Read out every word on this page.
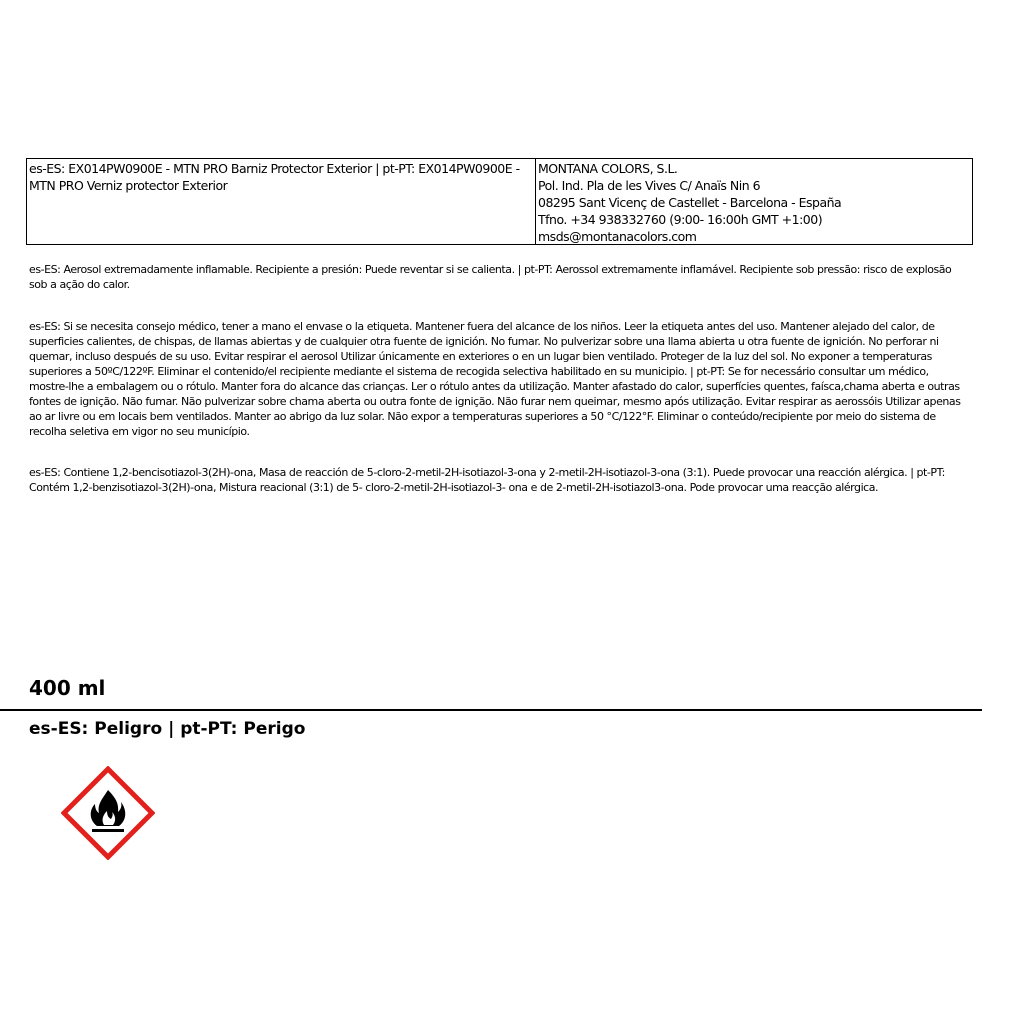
es-ES: EX014PW0900E - MTN PRO Barniz Protector Exterior | pt-PT: EX014PW0900E - MTN PRO Verniz protector Exterior
MONTANA COLORS, S.L.
Pol. Ind. Pla de les Vives C/ Anaïs Nin 6
08295 Sant Vicenç de Castellet - Barcelona - España
Tfno. +34 938332760 (9:00- 16:00h GMT +1:00)
msds@montanacolors.com
es-ES: Aerosol extremadamente inflamable. Recipiente a presión: Puede reventar si se calienta. | pt-PT: Aerossol extremamente inflamável. Recipiente sob pressão: risco de explosão sob a ação do calor.
es-ES: Si se necesita consejo médico, tener a mano el envase o la etiqueta. Mantener fuera del alcance de los niños. Leer la etiqueta antes del uso. Mantener alejado del calor, de superficies calientes, de chispas, de llamas abiertas y de cualquier otra fuente de ignición. No fumar. No pulverizar sobre una llama abierta u otra fuente de ignición. No perforar ni quemar, incluso después de su uso. Evitar respirar el aerosol Utilizar únicamente en exteriores o en un lugar bien ventilado. Proteger de la luz del sol. No exponer a temperaturas superiores a 50ºC/122ºF. Eliminar el contenido/el recipiente mediante el sistema de recogida selectiva habilitado en su municipio. | pt-PT: Se for necessário consultar um médico, mostre-lhe a embalagem ou o rótulo. Manter fora do alcance das crianças. Ler o rótulo antes da utilização. Manter afastado do calor, superfícies quentes, faísca,chama aberta e outras fontes de ignição. Não fumar. Não pulverizar sobre chama aberta ou outra fonte de ignição. Não furar nem queimar, mesmo após utilização. Evitar respirar as aerossóis Utilizar apenas ao ar livre ou em locais bem ventilados. Manter ao abrigo da luz solar. Não expor a temperaturas superiores a 50 °C/122°F. Eliminar o conteúdo/recipiente por meio do sistema de recolha seletiva em vigor no seu município.
es-ES: Contiene 1,2-bencisotiazol-3(2H)-ona, Masa de reacción de 5-cloro-2-metil-2H-isotiazol-3-ona y 2-metil-2H-isotiazol-3-ona (3:1). Puede provocar una reacción alérgica. | pt-PT: Contém 1,2-benzisotiazol-3(2H)-ona, Mistura reacional (3:1) de 5- cloro-2-metil-2H-isotiazol-3- ona e de 2-metil-2H-isotiazol3-ona. Pode provocar uma reacção alérgica.
400 ml
es-ES: Peligro | pt-PT: Perigo
